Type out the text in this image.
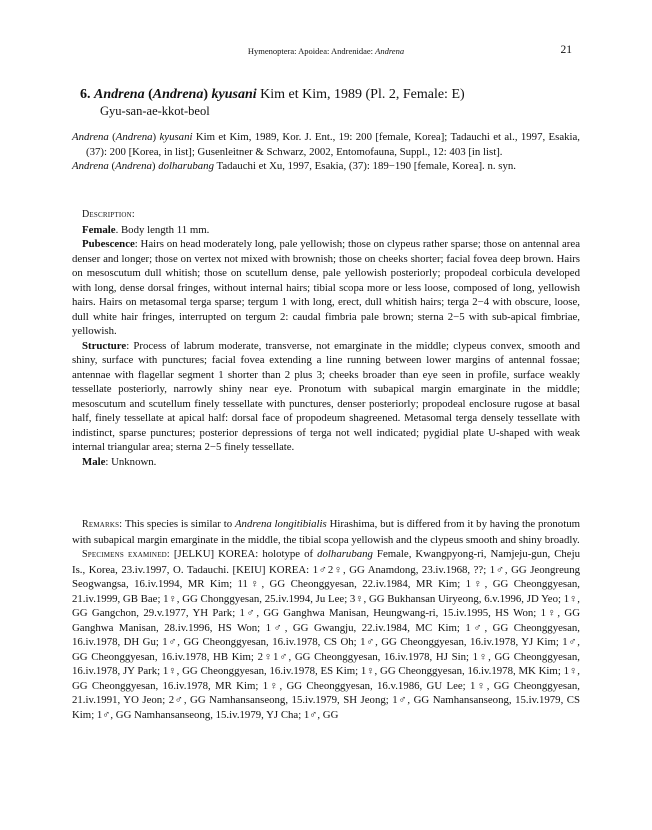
Hymenoptera: Apoidea: Andrenidae: Andrena	21
6. Andrena (Andrena) kyusani Kim et Kim, 1989 (Pl. 2, Female: E)
Gyu-san-ae-kkot-beol

Andrena (Andrena) kyusani Kim et Kim, 1989, Kor. J. Ent., 19: 200 [female, Korea]; Tadauchi et al., 1997, Esakia, (37): 200 [Korea, in list]; Gusenleitner & Schwarz, 2002, Entomofauna, Suppl., 12: 403 [in list].

Andrena (Andrena) dolharubang Tadauchi et Xu, 1997, Esakia, (37): 189−190 [female, Korea]. n. syn.

Description:

Female. Body length 11 mm.

Pubescence: Hairs on head moderately long, pale yellowish; those on clypeus rather sparse; those on antennal area denser and longer; those on vertex not mixed with brownish; those on cheeks shorter; facial fovea deep brown. Hairs on mesoscutum dull whitish; those on scutellum dense, pale yellowish posteriorly; propodeal corbicula developed with long, dense dorsal fringes, without internal hairs; tibial scopa more or less loose, composed of long, yellowish hairs. Hairs on metasomal terga sparse; tergum 1 with long, erect, dull whitish hairs; terga 2−4 with obscure, loose, dull white hair fringes, interrupted on tergum 2: caudal fimbria pale brown; sterna 2−5 with sub-apical fimbriae, yellowish.

Structure: Process of labrum moderate, transverse, not emarginate in the middle; clypeus convex, smooth and shiny, surface with punctures; facial fovea extending a line running between lower margins of antennal fossae; antennae with flagellar segment 1 shorter than 2 plus 3; cheeks broader than eye seen in profile, surface weakly tessellate posteriorly, narrowly shiny near eye. Pronotum with subapical margin emarginate in the middle; mesoscutum and scutellum finely tessellate with punctures, denser posteriorly; propodeal enclosure rugose at basal half, finely tessellate at apical half: dorsal face of propodeum shagreened. Metasomal terga densely tessellate with indistinct, sparse punctures; posterior depressions of terga not well indicated; pygidial plate U-shaped with weak internal triangular area; sterna 2−5 finely tessellate.

Male: Unknown.

Remarks: This species is similar to Andrena longitibialis Hirashima, but is differed from it by having the pronotum with subapical margin emarginate in the middle, the tibial scopa yellowish and the clypeus smooth and shiny broadly.

Specimens examined: [JELKU] KOREA: holotype of dolharubang Female, Kwangpyong-ri, Namjeju-gun, Cheju Is., Korea, 23.iv.1997, O. Tadauchi. [KEIU] KOREA: 1♂2♀, GG Anamdong, 23.iv.1968, ??; 1♂, GG Jeongreung Seogwangsa, 16.iv.1994, MR Kim; 11♀, GG Cheonggyesan, 22.iv.1984, MR Kim; 1♀, GG Cheonggyesan, 21.iv.1999, GB Bae; 1♀, GG Chonggyesan, 25.iv.1994, Ju Lee; 3♀, GG Bukhansan Uiryeong, 6.v.1996, JD Yeo; 1♀, GG Gangchon, 29.v.1977, YH Park; 1♂, GG Ganghwa Manisan, Heungwang-ri, 15.iv.1995, HS Won; 1♀, GG Ganghwa Manisan, 28.iv.1996, HS Won; 1♂, GG Gwangju, 22.iv.1984, MC Kim; 1♂, GG Cheonggyesan, 16.iv.1978, DH Gu; 1♂, GG Cheonggyesan, 16.iv.1978, CS Oh; 1♂, GG Cheonggyesan, 16.iv.1978, YJ Kim; 1♂, GG Cheonggyesan, 16.iv.1978, HB Kim; 2♀1♂, GG Cheonggyesan, 16.iv.1978, HJ Sin; 1♀, GG Cheonggyesan, 16.iv.1978, JY Park; 1♀, GG Cheonggyesan, 16.iv.1978, ES Kim; 1♀, GG Cheonggyesan, 16.iv.1978, MK Kim; 1♀, GG Cheonggyesan, 16.iv.1978, MR Kim; 1♀, GG Cheonggyesan, 16.v.1986, GU Lee; 1♀, GG Cheonggyesan, 21.iv.1991, YO Jeon; 2♂, GG Namhansanseong, 15.iv.1979, SH Jeong; 1♂, GG Namhansanseong, 15.iv.1979, CS Kim; 1♂, GG Namhansanseong, 15.iv.1979, YJ Cha; 1♂, GG
